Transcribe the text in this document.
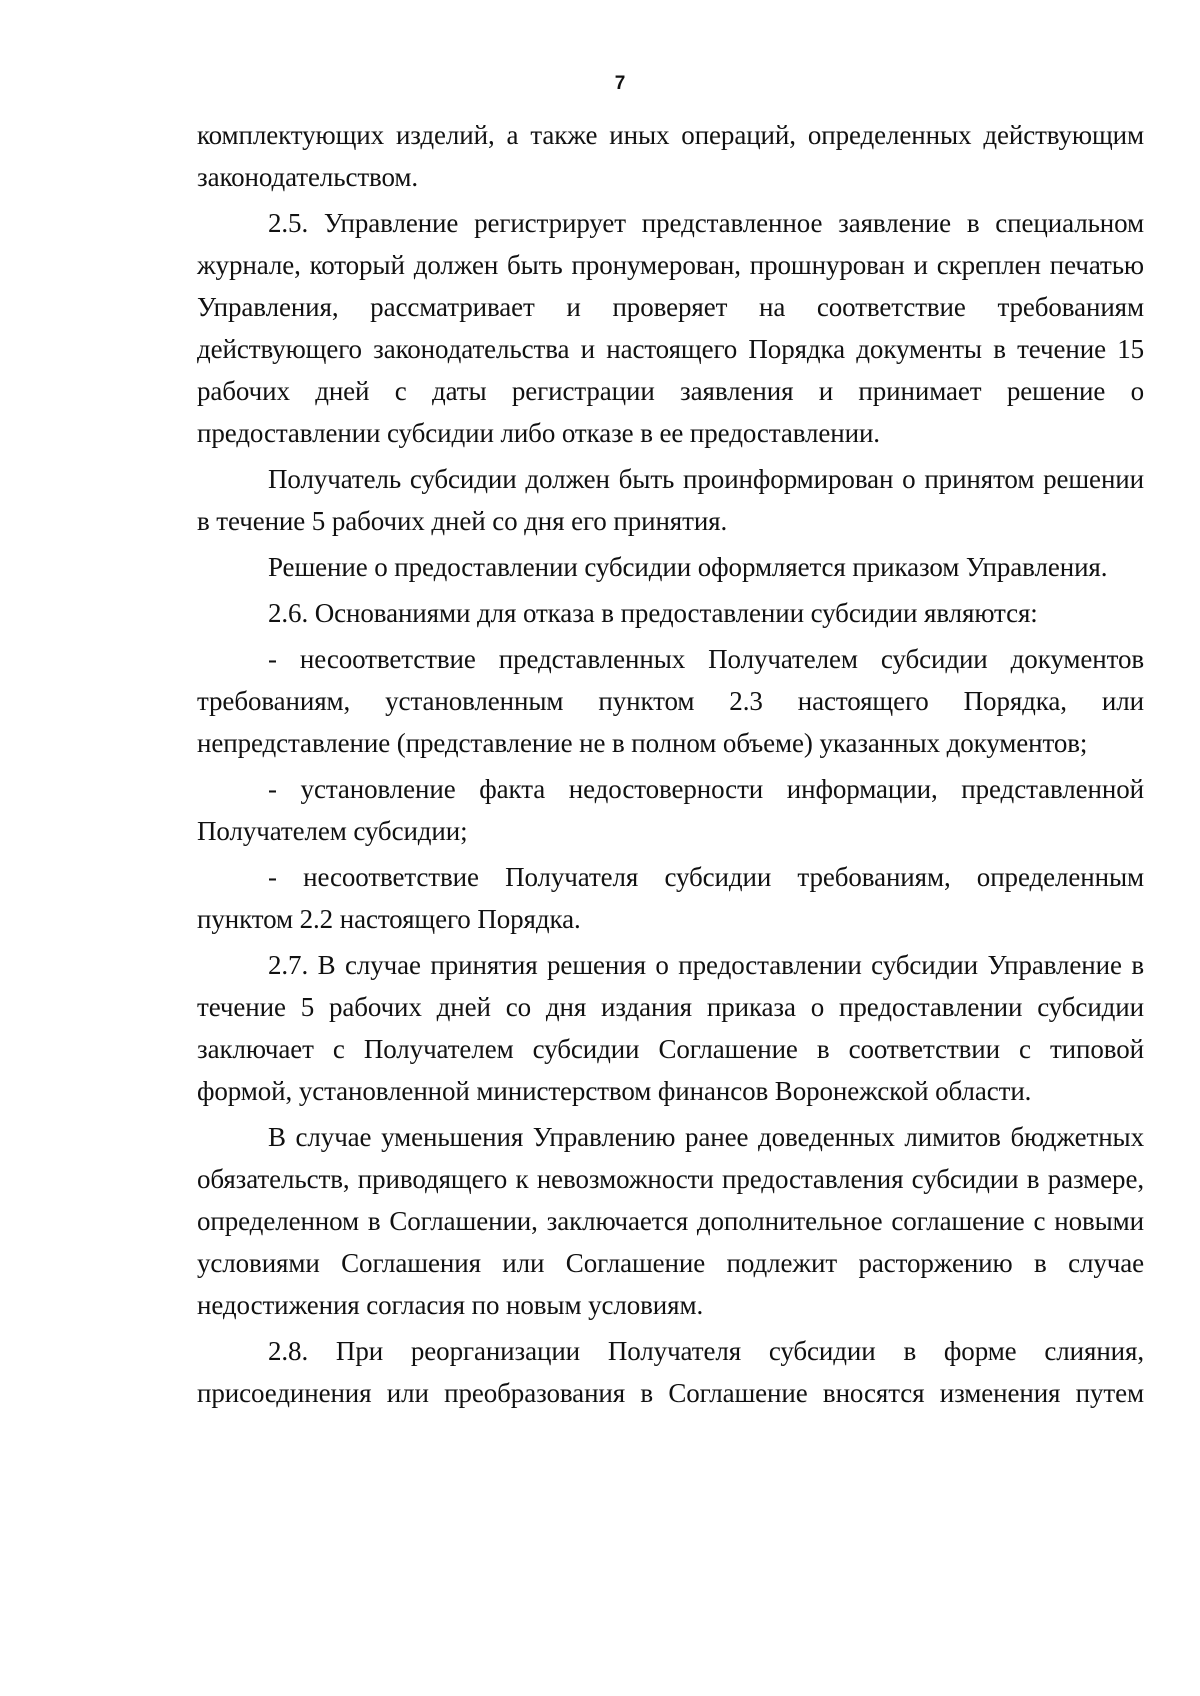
7

комплектующих изделий, а также иных операций, определенных действующим законодательством.

2.5. Управление регистрирует представленное заявление в специальном журнале, который должен быть пронумерован, прошнурован и скреплен печатью Управления, рассматривает и проверяет на соответствие требованиям действующего законодательства и настоящего Порядка документы в течение 15 рабочих дней с даты регистрации заявления и принимает решение о предоставлении субсидии либо отказе в ее предоставлении.

Получатель субсидии должен быть проинформирован о принятом решении в течение 5 рабочих дней со дня его принятия.

Решение о предоставлении субсидии оформляется приказом Управления.

2.6. Основаниями для отказа в предоставлении субсидии являются:

- несоответствие представленных Получателем субсидии документов требованиям, установленным пунктом 2.3 настоящего Порядка, или непредставление (представление не в полном объеме) указанных документов;

- установление факта недостоверности информации, представленной Получателем субсидии;

- несоответствие Получателя субсидии требованиям, определенным пунктом 2.2 настоящего Порядка.

2.7. В случае принятия решения о предоставлении субсидии Управление в течение 5 рабочих дней со дня издания приказа о предоставлении субсидии заключает с Получателем субсидии Соглашение в соответствии с типовой формой, установленной министерством финансов Воронежской области.

В случае уменьшения Управлению ранее доведенных лимитов бюджетных обязательств, приводящего к невозможности предоставления субсидии в размере, определенном в Соглашении, заключается дополнительное соглашение с новыми условиями Соглашения или Соглашение подлежит расторжению в случае недостижения согласия по новым условиям.

2.8. При реорганизации Получателя субсидии в форме слияния, присоединения или преобразования в Соглашение вносятся изменения путем
